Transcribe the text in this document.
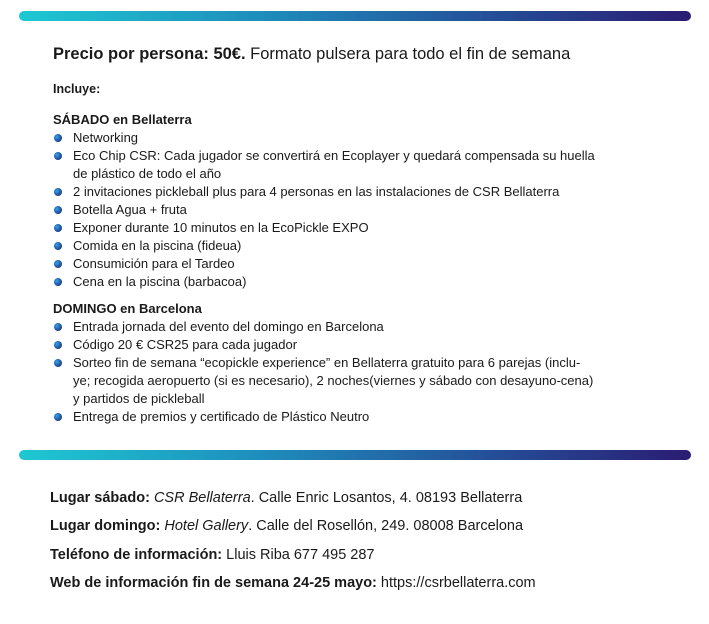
Precio por persona: 50€. Formato pulsera para todo el fin de semana
Incluye:
SÁBADO en Bellaterra
Networking
Eco Chip CSR: Cada jugador se convertirá en Ecoplayer y quedará compensada su huella
de plástico de todo el año
2 invitaciones pickleball plus para 4 personas en las instalaciones de CSR Bellaterra
Botella Agua + fruta
Exponer durante 10 minutos en la EcoPickle EXPO
Comida en la piscina (fideua)
Consumición para el Tardeo
Cena en la piscina (barbacoa)
DOMINGO en Barcelona
Entrada jornada del evento del domingo en Barcelona
Código 20 € CSR25 para cada jugador
Sorteo fin de semana “ecopickle experience” en Bellaterra gratuito para 6 parejas (inclu-
ye; recogida aeropuerto (si es necesario), 2 noches(viernes y sábado con desayuno-cena)
y partidos de pickleball
Entrega de premios y certificado de Plástico Neutro
Lugar sábado: CSR Bellaterra. Calle Enric Losantos, 4. 08193 Bellaterra
Lugar domingo: Hotel Gallery. Calle del Rosellón, 249. 08008 Barcelona
Teléfono de información: Lluis Riba 677 495 287
Web de información fin de semana 24-25 mayo: https://csrbellaterra.com
